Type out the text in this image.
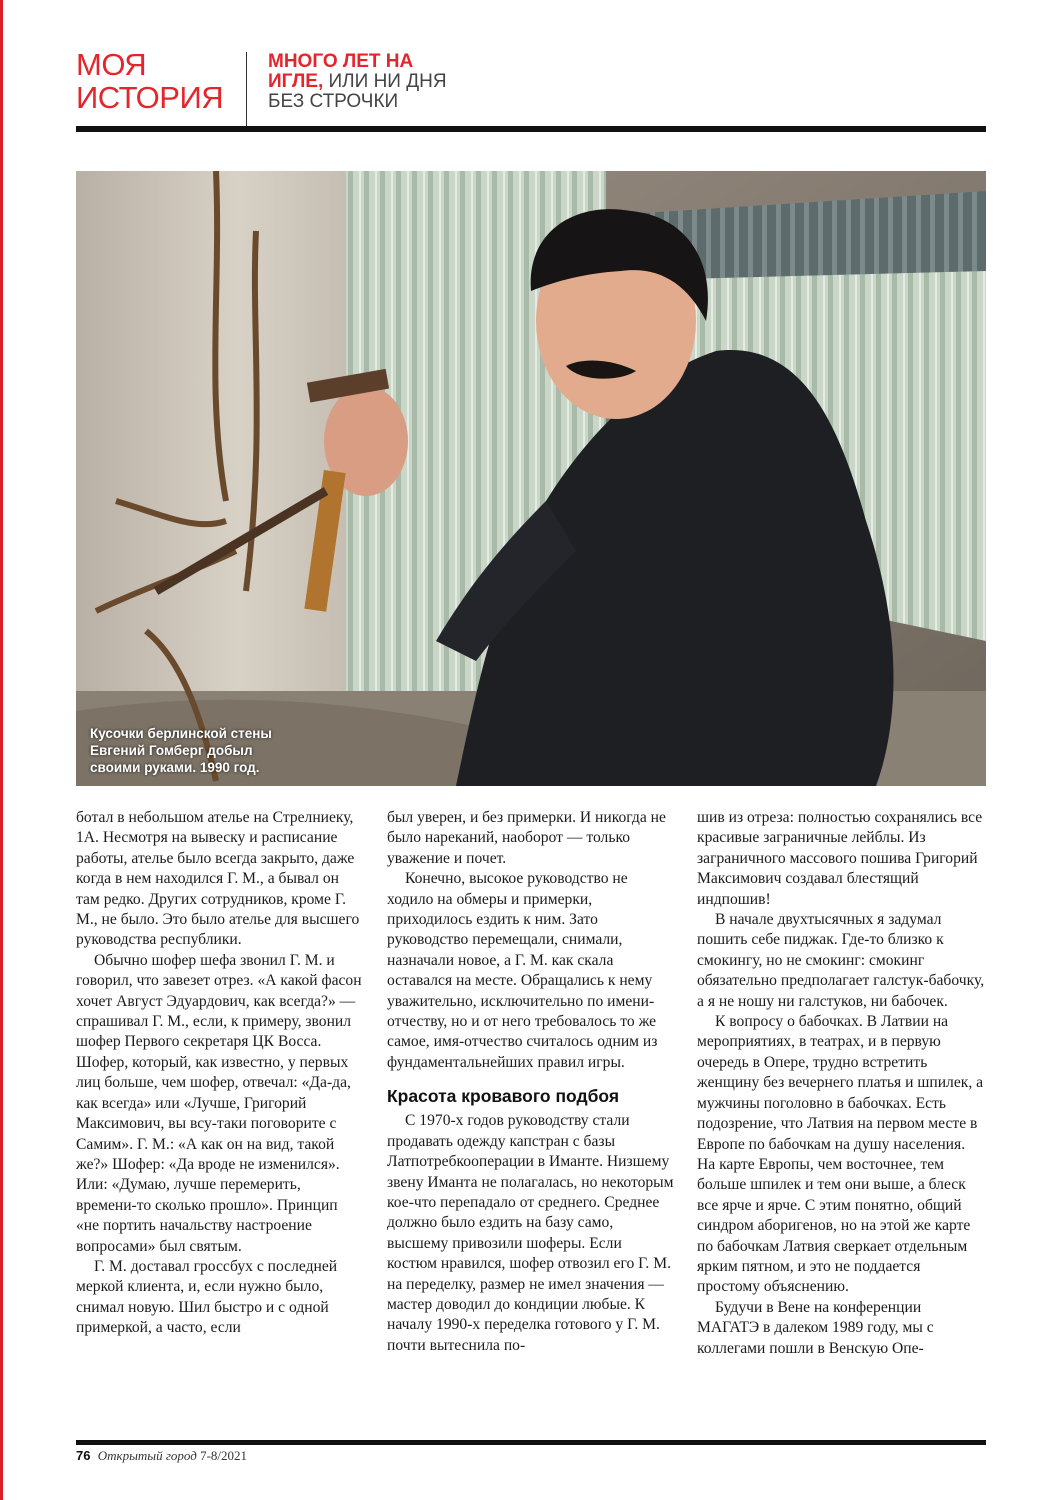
МОЯ
ИСТОРИЯ
МНОГО ЛЕТ НА
ИГЛЕ, ИЛИ НИ ДНЯ
БЕЗ СТРОЧКИ
Кусочки берлинской стены
Евгений Гомберг добыл
своими руками. 1990 год.

ботал в небольшом ателье на Стрелниеку, 1А. Несмотря на вывеску и расписание работы, ателье было всегда закрыто, даже когда в нем находился Г. М., а бывал он там редко. Других сотрудников, кроме Г. М., не было. Это было ателье для высшего руководства республики.

Обычно шофер шефа звонил Г. М. и говорил, что завезет отрез. «А какой фасон хочет Август Эдуардович, как всегда?» — спрашивал Г. М., если, к примеру, звонил шофер Первого секретаря ЦК Восса. Шофер, который, как известно, у первых лиц больше, чем шофер, отвечал: «Да-да, как всегда» или «Лучше, Григорий Максимович, вы всу-таки поговорите с Самим». Г. М.: «А как он на вид, такой же?» Шофер: «Да вроде не изменился». Или: «Думаю, лучше перемерить, времени-то сколько прошло». Принцип «не портить начальству настроение вопросами» был святым.

Г. М. доставал гроссбух с последней меркой клиента, и, если нужно было, снимал новую. Шил быстро и с одной примеркой, а часто, если

был уверен, и без примерки. И никогда не было нареканий, наоборот — только уважение и почет.

Конечно, высокое руководство не ходило на обмеры и примерки, приходилось ездить к ним. Зато руководство перемещали, снимали, назначали новое, а Г. М. как скала оставался на месте. Обращались к нему уважительно, исключительно по имени-отчеству, но и от него требовалось то же самое, имя-отчество считалось одним из фундаментальнейших правил игры.

Красота кровавого подбоя

С 1970-х годов руководству стали продавать одежду капстран с базы Латпотребкооперации в Иманте. Низшему звену Иманта не полагалась, но некоторым кое-что перепадало от среднего. Среднее должно было ездить на базу само, высшему привозили шоферы. Если костюм нравился, шофер отвозил его Г. М. на переделку, размер не имел значения — мастер доводил до кондиции любые. К началу 1990-х переделка готового у Г. М. почти вытеснила по-

шив из отреза: полностью сохранялись все красивые заграничные лейблы. Из заграничного массового пошива Григорий Максимович создавал блестящий индпошив!

В начале двухтысячных я задумал пошить себе пиджак. Где-то близко к смокингу, но не смокинг: смокинг обязательно предполагает галстук-бабочку, а я не ношу ни галстуков, ни бабочек.

К вопросу о бабочках. В Латвии на мероприятиях, в театрах, и в первую очередь в Опере, трудно встретить женщину без вечернего платья и шпилек, а мужчины поголовно в бабочках. Есть подозрение, что Латвия на первом месте в Европе по бабочкам на душу населения. На карте Европы, чем восточнее, тем больше шпилек и тем они выше, а блеск все ярче и ярче. С этим понятно, общий синдром аборигенов, но на этой же карте по бабочкам Латвия сверкает отдельным ярким пятном, и это не поддается простому объяснению.

Будучи в Вене на конференции МАГАТЭ в далеком 1989 году, мы с коллегами пошли в Венскую Опе-

76 Открытый город 7-8/2021
